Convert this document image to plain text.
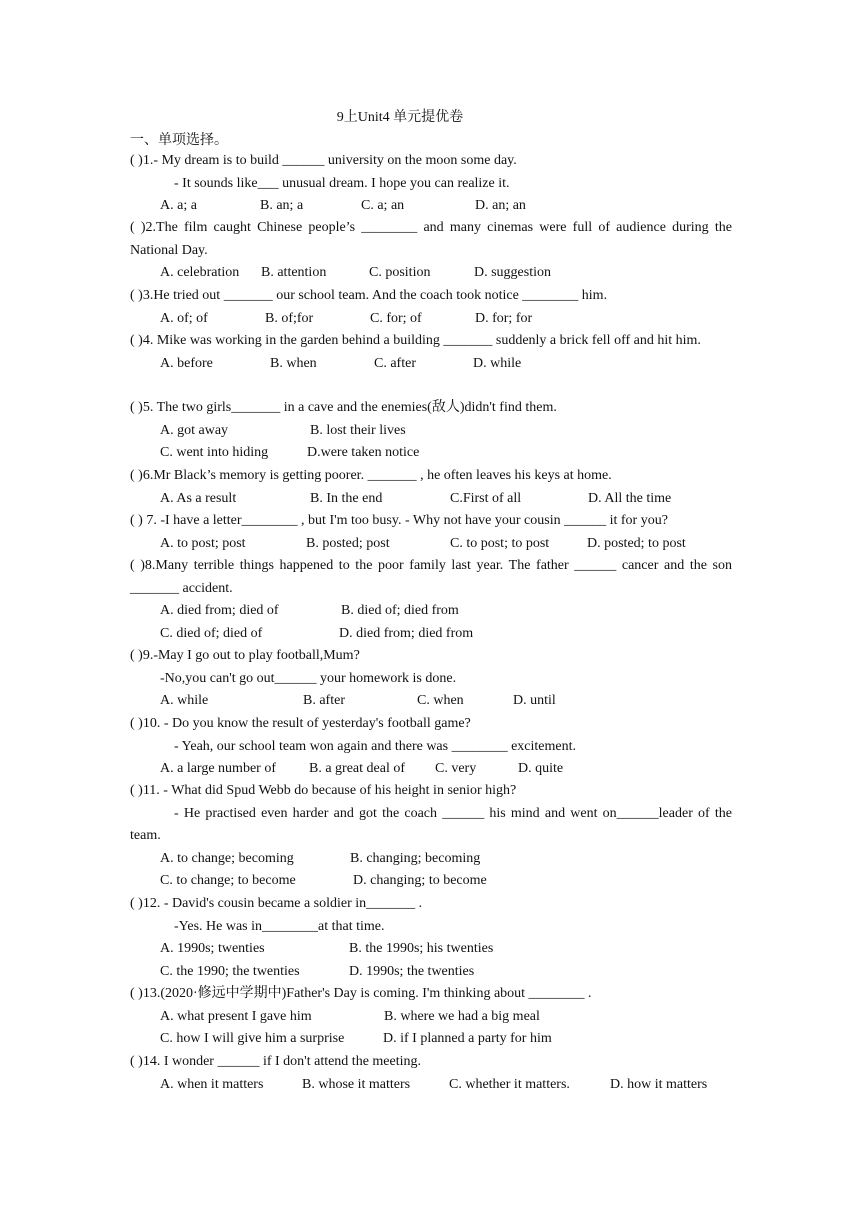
9上Unit4 单元提优卷
一、单项选择。
( )1.- My dream is to build ______ university on the moon some day.
- It sounds like___ unusual dream. I hope you can realize it.
A. a; a	B. an; a	C. a; an	D. an; an
( )2.The film caught Chinese people’s ________ and many cinemas were full of audience during the National Day.
A. celebration	B. attention	C. position	D. suggestion
( )3.He tried out _______ our school team. And the coach took notice ________ him.
A. of; of	B. of;for	C. for; of	D. for; for
( )4. Mike was working in the garden behind a building _______ suddenly a brick fell off and hit him.
A. before	B. when	C. after	D. while
( )5. The two girls_______ in a cave and the enemies(敌人)didn't find them.
A. got away	B. lost their lives
C. went into hiding	D.were taken notice
( )6.Mr Black’s memory is getting poorer. _______ , he often leaves his keys at home.
A. As a result	B. In the end	C.First of all	D. All the time
( ) 7. -I have a letter________ , but I'm too busy. - Why not have your cousin ______ it for you?
A. to post; post	B. posted; post	C. to post; to post	D. posted; to post
( )8.Many terrible things happened to the poor family last year. The father ______ cancer and the son _______ accident.
A. died from; died of	B. died of; died from
C. died of; died of	D. died from; died from
( )9.-May I go out to play football,Mum?
-No,you can't go out______ your homework is done.
A. while	B. after	C. when	D. until
( )10. - Do you know the result of yesterday's football game?
- Yeah, our school team won again and there was ________ excitement.
A. a large number of	B. a great deal of	C. very	D. quite
( )11. - What did Spud Webb do because of his height in senior high?
- He practised even harder and got the coach ______ his mind and went on______leader of the team.
A. to change; becoming	B. changing; becoming
C. to change; to become	D. changing; to become
( )12. - David's cousin became a soldier in_______ .
-Yes. He was in________at that time.
A. 1990s; twenties	B. the 1990s; his twenties
C. the 1990; the twenties	D. 1990s; the twenties
( )13.(2020·修远中学期中)Father's Day is coming. I'm thinking about ________ .
A. what present I gave him	B. where we had a big meal
C. how I will give him a surprise	D. if I planned a party for him
( )14. I wonder ______ if I don't attend the meeting.
A. when it matters	B. whose it matters	C. whether it matters.	D. how it matters
